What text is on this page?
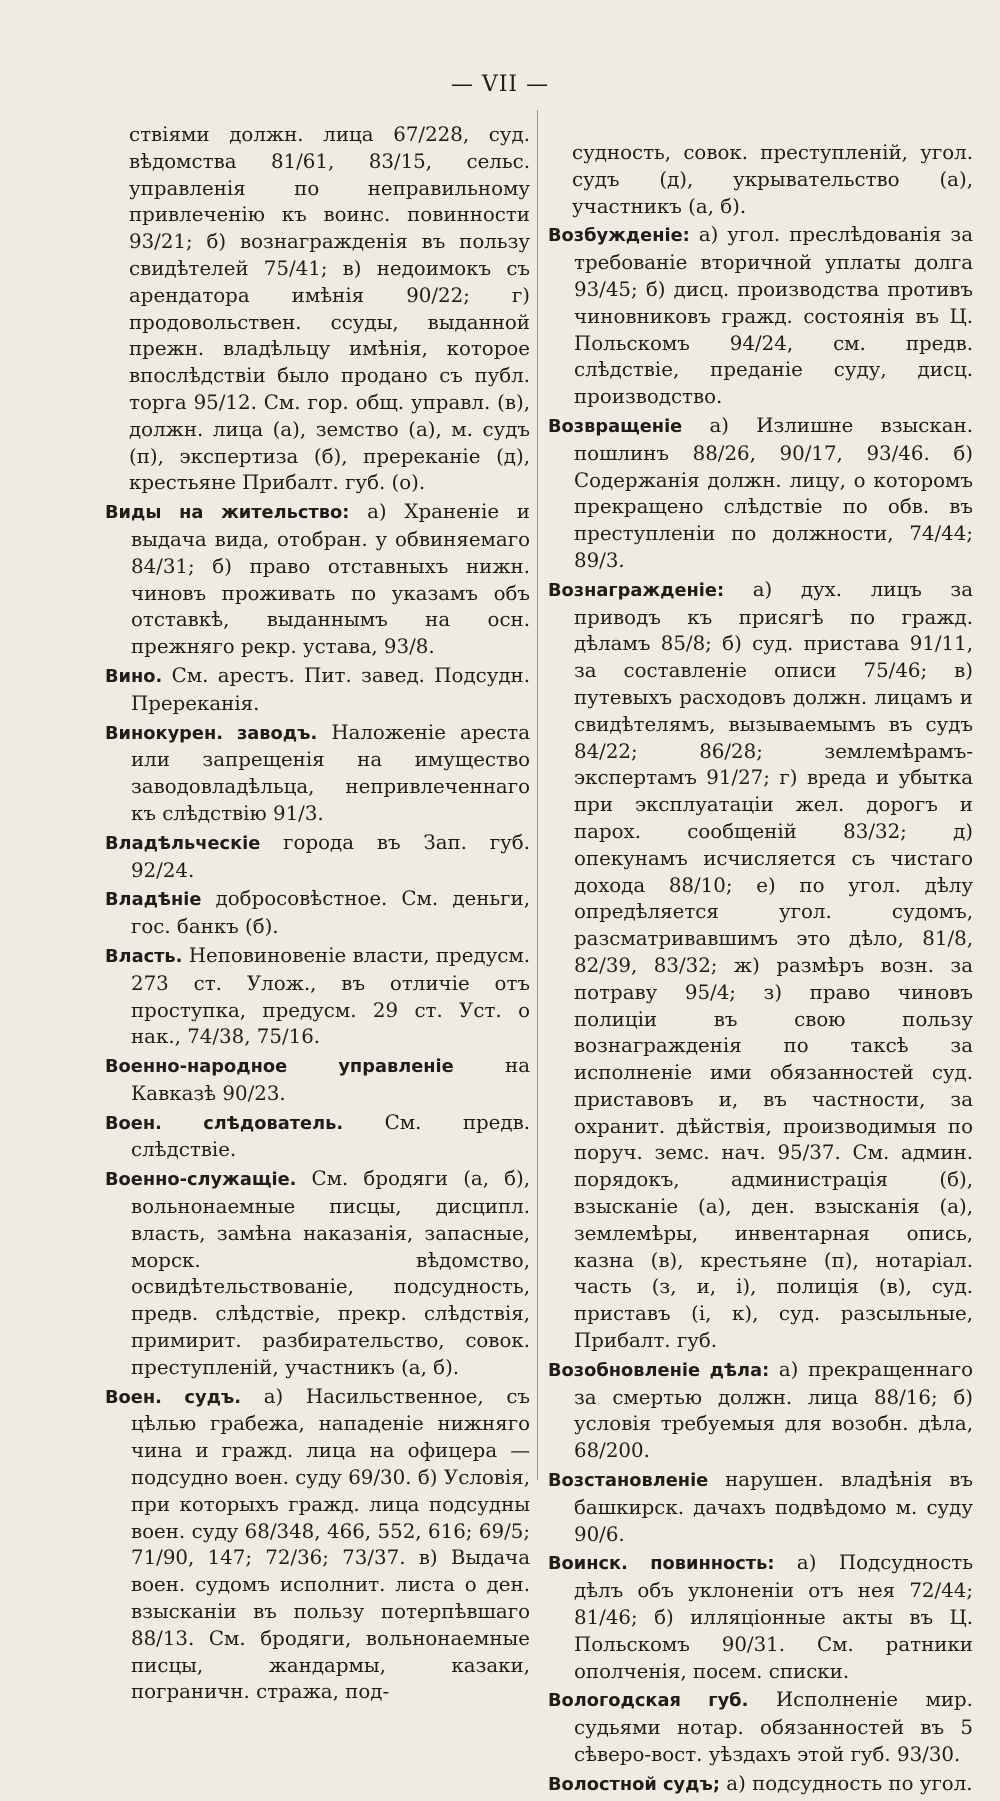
— VII —

ствіями должн. лица 67/228, суд. вѣдомства 81/61, 83/15, сельс. управленія по неправильному привлеченію къ воинс. повинности 93/21; б) вознагражденія въ пользу свидѣтелей 75/41; в) недоимокъ съ арендатора имѣнія 90/22; г) продовольствен. ссуды, выданной прежн. владѣльцу имѣнія, которое впослѣдствіи было продано съ публ. торга 95/12. См. гор. общ. управл. (в), должн. лица (а), земство (а), м. судъ (п), экспертиза (б), пререканіе (д), крестьяне Прибалт. губ. (о).

Виды на жительство: а) Храненіе и выдача вида, отобран. у обвиняемаго 84/31; б) право отставныхъ нижн. чиновъ проживать по указамъ объ отставкѣ, выданнымъ на осн. прежняго рекр. устава, 93/8.

Вино. См. арестъ. Пит. завед. Подсудн. Пререканія.

Винокурен. заводъ. Наложеніе ареста или запрещенія на имущество заводовладѣльца, непривлеченнаго къ слѣдствію 91/3.

Владѣльческіе города въ Зап. губ. 92/24.

Владѣніе добросовѣстное. См. деньги, гос. банкъ (б).

Власть. Неповиновеніе власти, предусм. 273 ст. Улож., въ отличіе отъ проступка, предусм. 29 ст. Уст. о нак., 74/38, 75/16.

Военно-народное управленіе	на Кавказѣ 90/23.

Воен. слѣдователь. См. предв. слѣдствіе.

Военно-служащіе. См. бродяги (а, б), вольнонаемные писцы, дисципл. власть, замѣна наказанія, запасные, морск. вѣдомство, освидѣтельствованіе, подсудность, предв. слѣдствіе, прекр. слѣдствія, примирит. разбирательство, совок. преступленій, участникъ (а, б).

Воен. судъ. а) Насильственное, съ цѣлью грабежа, нападеніе нижняго чина и гражд. лица на офицера — подсудно воен. суду 69/30. б) Условія, при которыхъ гражд. лица подсудны воен. суду 68/348, 466, 552, 616; 69/5; 71/90, 147; 72/36; 73/37. в) Выдача воен. судомъ исполнит. листа о ден. взысканіи въ пользу потерпѣвшаго 88/13. См. бродяги, вольнонаемные писцы, жандармы, казаки, пограничн. стража, под-

судность, совок. преступленій, угол. судъ (д), укрывательство (а), участникъ (а, б).

Возбужденіе: а) угол. преслѣдованія за требованіе вторичной уплаты долга 93/45; б) дисц. производства противъ чиновниковъ гражд. состоянія въ Ц. Польскомъ 94/24, см. предв. слѣдствіе, преданіе суду, дисц. производство.

Возвращеніе а) Излишне взыскан. пошлинъ 88/26, 90/17, 93/46. б) Содержанія должн. лицу, о которомъ прекращено слѣдствіе по обв. въ преступленіи по должности, 74/44; 89/3.

Вознагражденіе: а) дух. лицъ за приводъ къ присягѣ по гражд. дѣламъ 85/8; б) суд. пристава 91/11, за составленіе описи 75/46; в) путевыхъ расходовъ должн. лицамъ и свидѣтелямъ, вызываемымъ въ судъ 84/22; 86/28; землемѣрамъ-экспертамъ 91/27; г) вреда и убытка при эксплуатаціи жел. дорогъ и парох. сообщеній 83/32; д) опекунамъ исчисляется съ чистаго дохода 88/10; е) по угол. дѣлу опредѣляется угол. судомъ, разсматривавшимъ это дѣло, 81/8, 82/39, 83/32; ж) размѣръ возн. за потраву 95/4; з) право чиновъ полиціи въ свою пользу вознагражденія по таксѣ за исполненіе ими обязанностей суд. приставовъ и, въ частности, за охранит. дѣйствія, производимыя по поруч. земс. нач. 95/37. См. админ. порядокъ, администрація (б), взысканіе (а), ден. взысканія (а), землемѣры, инвентарная опись, казна (в), крестьяне (п), нотаріал. часть (з, и, і), полиція (в), суд. приставъ (і, к), суд. разсыльные, Прибалт. губ.

Возобновленіе дѣла: а) прекращеннаго за смертью должн. лица 88/16; б) условія требуемыя для возобн. дѣла, 68/200.

Возстановленіе нарушен. владѣнія въ башкирск. дачахъ подвѣдомо м. суду 90/6.

Воинск. повинность: а) Подсудность дѣлъ объ уклоненіи отъ нея 72/44; 81/46; б) илляціонные акты въ Ц. Польскомъ 90/31. См. ратники ополченія, посем. списки.

Вологодская губ. Исполненіе мир. судьями нотар. обязанностей въ 5 сѣверо-вост. уѣздахъ этой губ. 93/30.

Волостной судъ; а) подсудность по угол.
